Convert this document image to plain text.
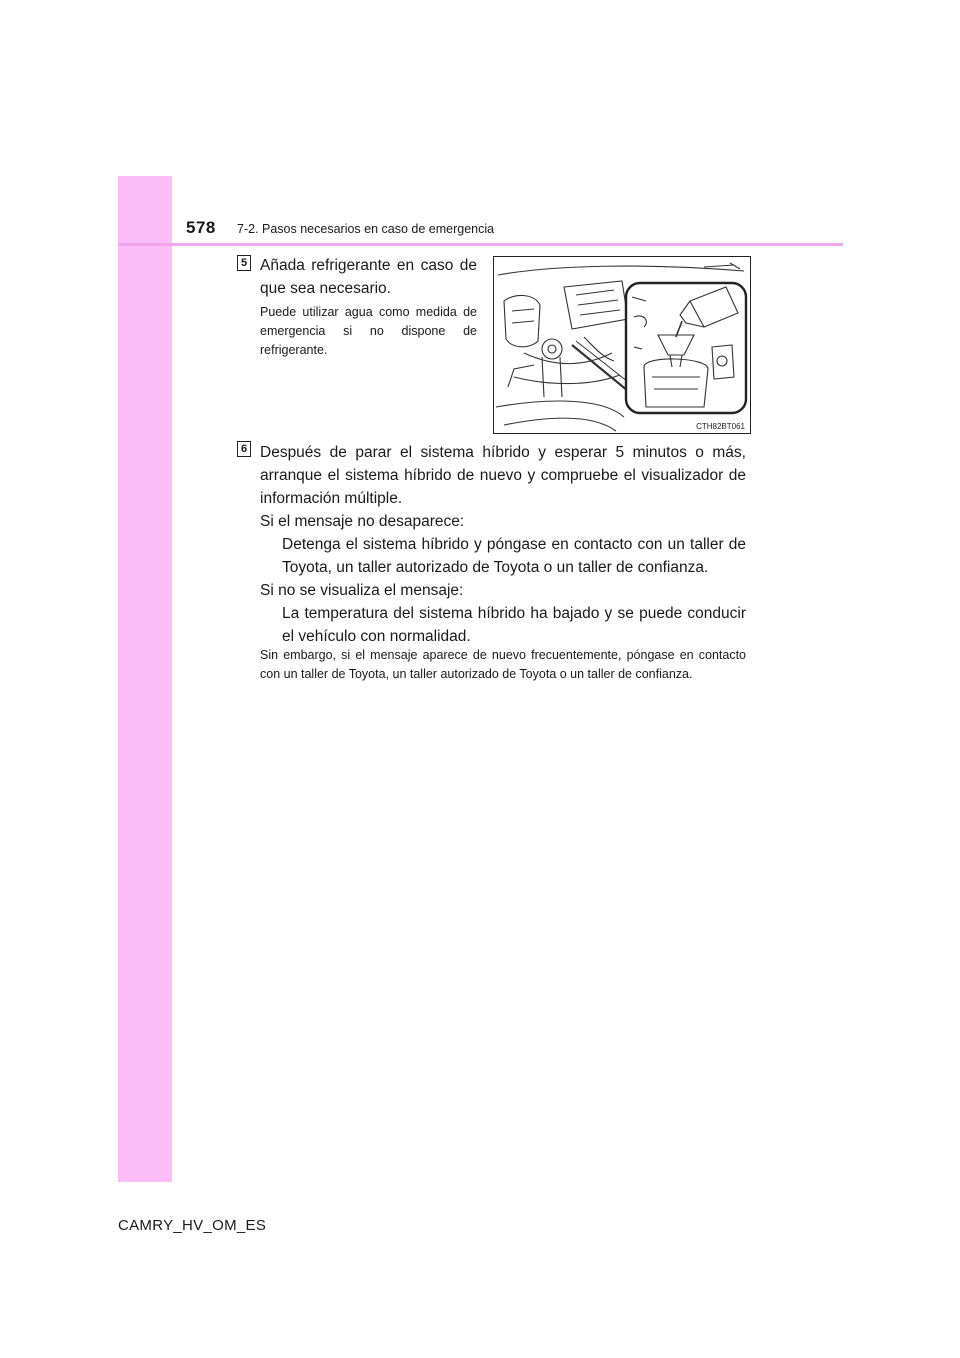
578 7-2. Pasos necesarios en caso de emergencia
5 Añada refrigerante en caso de que sea necesario.

Puede utilizar agua como medida de emergencia si no dispone de refrigerante.

CTH82BT061
6 Después de parar el sistema híbrido y esperar 5 minutos o más, arranque el sistema híbrido de nuevo y compruebe el visualizador de información múltiple.

Si el mensaje no desaparece:

Detenga el sistema híbrido y póngase en contacto con un taller de Toyota, un taller autorizado de Toyota o un taller de confianza.

Si no se visualiza el mensaje:

La temperatura del sistema híbrido ha bajado y se puede conducir el vehículo con normalidad.

Sin embargo, si el mensaje aparece de nuevo frecuentemente, póngase en contacto con un taller de Toyota, un taller autorizado de Toyota o un taller de confianza.

CAMRY_HV_OM_ES
